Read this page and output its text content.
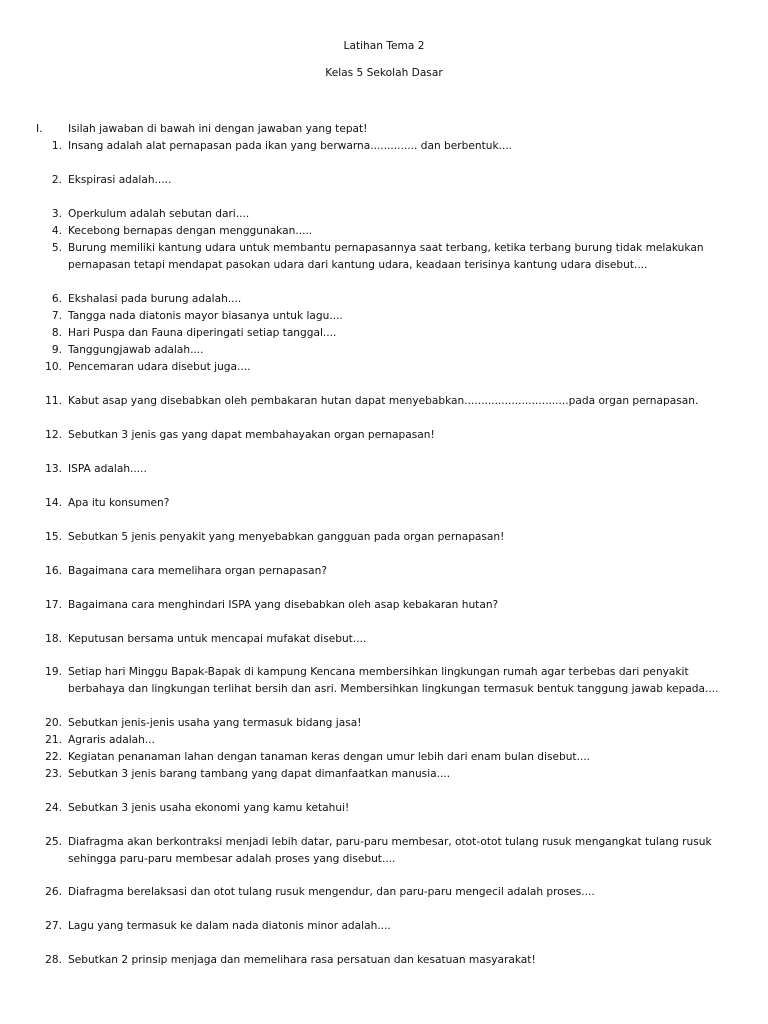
Latihan Tema 2
Kelas 5 Sekolah Dasar
I. Isilah jawaban di bawah ini dengan jawaban yang tepat!
1. Insang adalah alat pernapasan pada ikan yang berwarna.............. dan berbentuk....
2. Ekspirasi adalah.....
3. Operkulum adalah sebutan dari....
4. Kecebong bernapas dengan menggunakan.....
5. Burung memiliki kantung udara untuk membantu pernapasannya saat terbang, ketika terbang burung tidak melakukan pernapasan tetapi mendapat pasokan udara dari kantung udara, keadaan terisinya kantung udara disebut....
6. Ekshalasi pada burung adalah....
7. Tangga nada diatonis mayor biasanya untuk lagu....
8. Hari Puspa dan Fauna diperingati setiap tanggal....
9. Tanggungjawab adalah....
10. Pencemaran udara disebut juga....
11. Kabut asap yang disebabkan oleh pembakaran hutan dapat menyebabkan...............................pada organ pernapasan.
12. Sebutkan 3 jenis gas yang dapat membahayakan organ pernapasan!
13. ISPA adalah.....
14. Apa itu konsumen?
15. Sebutkan 5 jenis penyakit yang menyebabkan gangguan pada organ pernapasan!
16. Bagaimana cara memelihara organ pernapasan?
17. Bagaimana cara menghindari ISPA yang disebabkan oleh asap kebakaran hutan?
18. Keputusan bersama untuk mencapai mufakat disebut....
19. Setiap hari Minggu Bapak-Bapak di kampung Kencana membersihkan lingkungan rumah agar terbebas dari penyakit berbahaya dan lingkungan terlihat bersih dan asri. Membersihkan lingkungan termasuk bentuk tanggung jawab kepada....
20. Sebutkan jenis-jenis usaha yang termasuk bidang jasa!
21. Agraris adalah...
22. Kegiatan penanaman lahan dengan tanaman keras dengan umur lebih dari enam bulan disebut....
23. Sebutkan 3 jenis barang tambang yang dapat dimanfaatkan manusia....
24. Sebutkan 3 jenis usaha ekonomi yang kamu ketahui!
25. Diafragma akan berkontraksi menjadi lebih datar, paru-paru membesar, otot-otot tulang rusuk mengangkat tulang rusuk sehingga paru-paru membesar adalah proses yang disebut....
26. Diafragma berelaksasi dan otot tulang rusuk mengendur, dan paru-paru mengecil adalah proses....
27. Lagu yang termasuk ke dalam nada diatonis minor adalah....
28. Sebutkan 2 prinsip menjaga dan memelihara rasa persatuan dan kesatuan masyarakat!
